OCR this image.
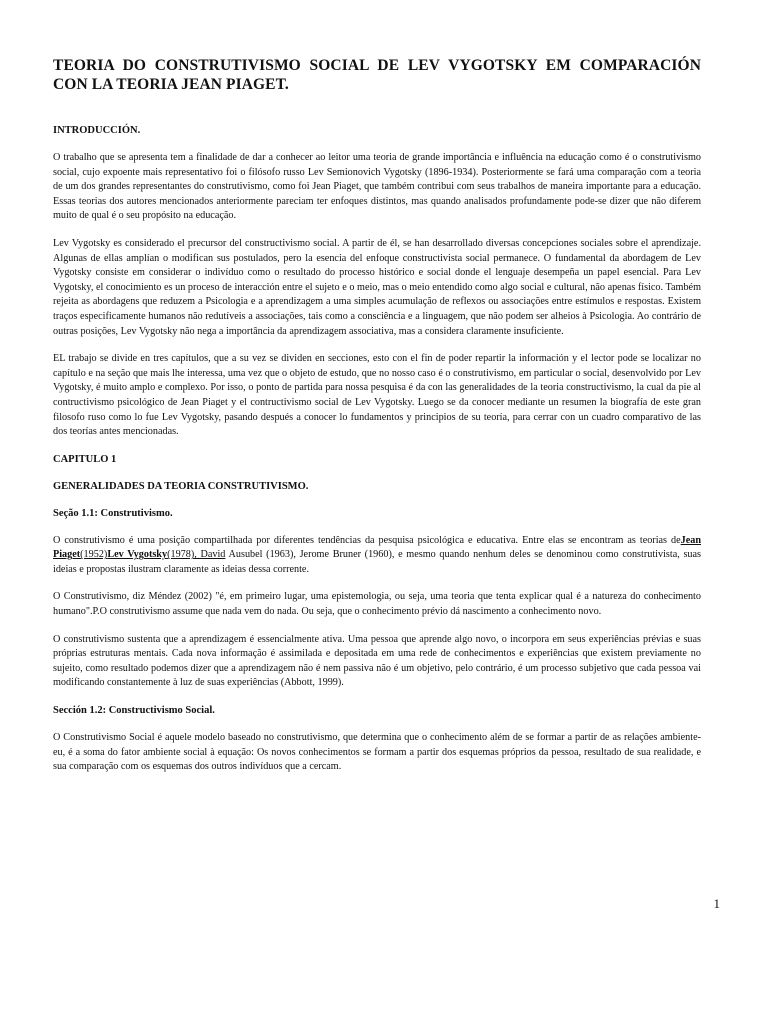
TEORIA DO CONSTRUTIVISMO SOCIAL DE LEV VYGOTSKY EM COMPARACIÓN CON LA TEORIA JEAN PIAGET.
INTRODUCCIÓN.

O trabalho que se apresenta tem a finalidade de dar a conhecer ao leitor uma teoria de grande importância e influência na educação como é o construtivismo social, cujo expoente mais representativo foi o filósofo russo Lev Semionovich Vygotsky (1896-1934). Posteriormente se fará uma comparação com a teoria de um dos grandes representantes do construtivismo, como foi Jean Piaget, que também contribui com seus trabalhos de maneira importante para a educação. Essas teorias dos autores mencionados anteriormente pareciam ter enfoques distintos, mas quando analisados profundamente pode-se dizer que não diferem muito de qual é o seu propósito na educação.

Lev Vygotsky es considerado el precursor del constructivismo social. A partir de él, se han desarrollado diversas concepciones sociales sobre el aprendizaje. Algunas de ellas amplían o modifican sus postulados, pero la esencia del enfoque constructivista social permanece. O fundamental da abordagem de Lev Vygotsky consiste em considerar o indivíduo como o resultado do processo histórico e social donde el lenguaje desempeña un papel esencial. Para Lev Vygotsky, el conocimiento es un proceso de interacción entre el sujeto e o meio, mas o meio entendido como algo social e cultural, não apenas físico. Também rejeita as abordagens que reduzem a Psicologia e a aprendizagem a uma simples acumulação de reflexos ou associações entre estímulos e respostas. Existem traços especificamente humanos não redutíveis a associações, tais como a consciência e a linguagem, que não podem ser alheios à Psicologia. Ao contrário de outras posições, Lev Vygotsky não nega a importância da aprendizagem associativa, mas a considera claramente insuficiente.

EL trabajo se divide en tres capítulos, que a su vez se dividen en secciones, esto con el fin de poder repartir la información y el lector pode se localizar no capítulo e na seção que mais lhe interessa, uma vez que o objeto de estudo, que no nosso caso é o construtivismo, em particular o social, desenvolvido por Lev Vygotsky, é muito amplo e complexo. Por isso, o ponto de partida para nossa pesquisa é da con las generalidades de la teoria constructivismo, la cual da pie al contructivismo psicológico de Jean Piaget y el contructivismo social de Lev Vygotsky. Luego se da conocer mediante un resumen la biografía de este gran filosofo ruso como lo fue Lev Vygotsky, pasando después a conocer lo fundamentos y principios de su teoría, para cerrar con un cuadro comparativo de las dos teorías antes mencionadas.

CAPITULO 1
GENERALIDADES DA TEORIA CONSTRUTIVISMO.
Seção 1.1: Construtivismo.

O construtivismo é uma posição compartilhada por diferentes tendências da pesquisa psicológica e educativa. Entre elas se encontram as teorias deJean Piaget(1952)Lev Vygotsky(1978), David Ausubel (1963), Jerome Bruner (1960), e mesmo quando nenhum deles se denominou como construtivista, suas ideias e propostas ilustram claramente as ideias dessa corrente.

O Construtivismo, diz Méndez (2002) "é, em primeiro lugar, uma epistemologia, ou seja, uma teoria que tenta explicar qual é a natureza do conhecimento humano".P.O construtivismo assume que nada vem do nada. Ou seja, que o conhecimento prévio dá nascimento a conhecimento novo.

O construtivismo sustenta que a aprendizagem é essencialmente ativa. Uma pessoa que aprende algo novo, o incorpora em seus experiências prévias e suas próprias estruturas mentais. Cada nova informação é assimilada e depositada em uma rede de conhecimentos e experiências que existem previamente no sujeito, como resultado podemos dizer que a aprendizagem não é nem passiva não é um objetivo, pelo contrário, é um processo subjetivo que cada pessoa vai modificando constantemente à luz de suas experiências (Abbott, 1999).

Sección 1.2: Constructivismo Social.

O Construtivismo Social é aquele modelo baseado no construtivismo, que determina que o conhecimento além de se formar a partir de as relações ambiente-eu, é a soma do fator ambiente social à equação: Os novos conhecimentos se formam a partir dos esquemas próprios da pessoa, resultado de sua realidade, e sua comparação com os esquemas dos outros indivíduos que a cercam.

1
